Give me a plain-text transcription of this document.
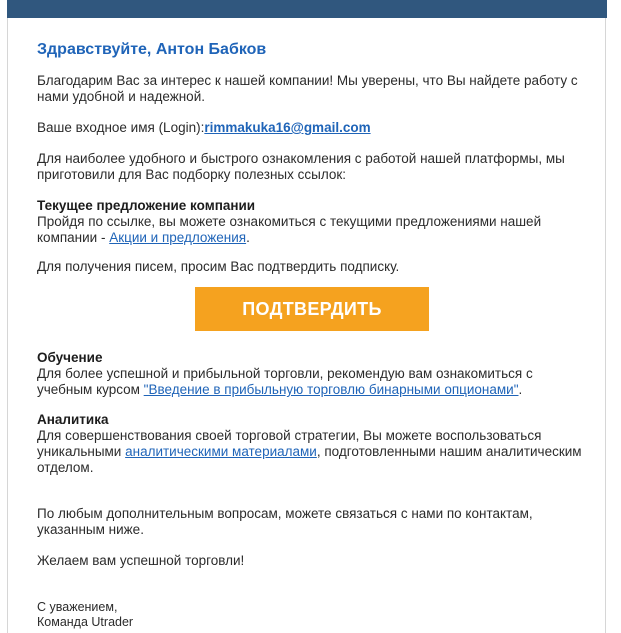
Здравствуйте, Антон Бабков

Благодарим Вас за интерес к нашей компании! Мы уверены, что Вы найдете работу с нами удобной и надежной.

Ваше входное имя (Login):rimmakuka16@gmail.com

Для наиболее удобного и быстрого ознакомления с работой нашей платформы, мы приготовили для Вас подборку полезных ссылок:

Текущее предложение компании
Пройдя по ссылке, вы можете ознакомиться с текущими предложениями нашей компании - Акции и предложения.

Для получения писем, просим Вас подтвердить подписку.

ПОДТВЕРДИТЬ
Обучение
Для более успешной и прибыльной торговли, рекомендую вам ознакомиться с учебным курсом "Введение в прибыльную торговлю бинарными опционами".
Аналитика
Для совершенствования своей торговой стратегии, Вы можете воспользоваться уникальными аналитическими материалами, подготовленными нашим аналитическим отделом.

По любым дополнительным вопросам, можете связаться с нами по контактам, указанным ниже.

Желаем вам успешной торговли!

С уважением,
Команда Utrader
